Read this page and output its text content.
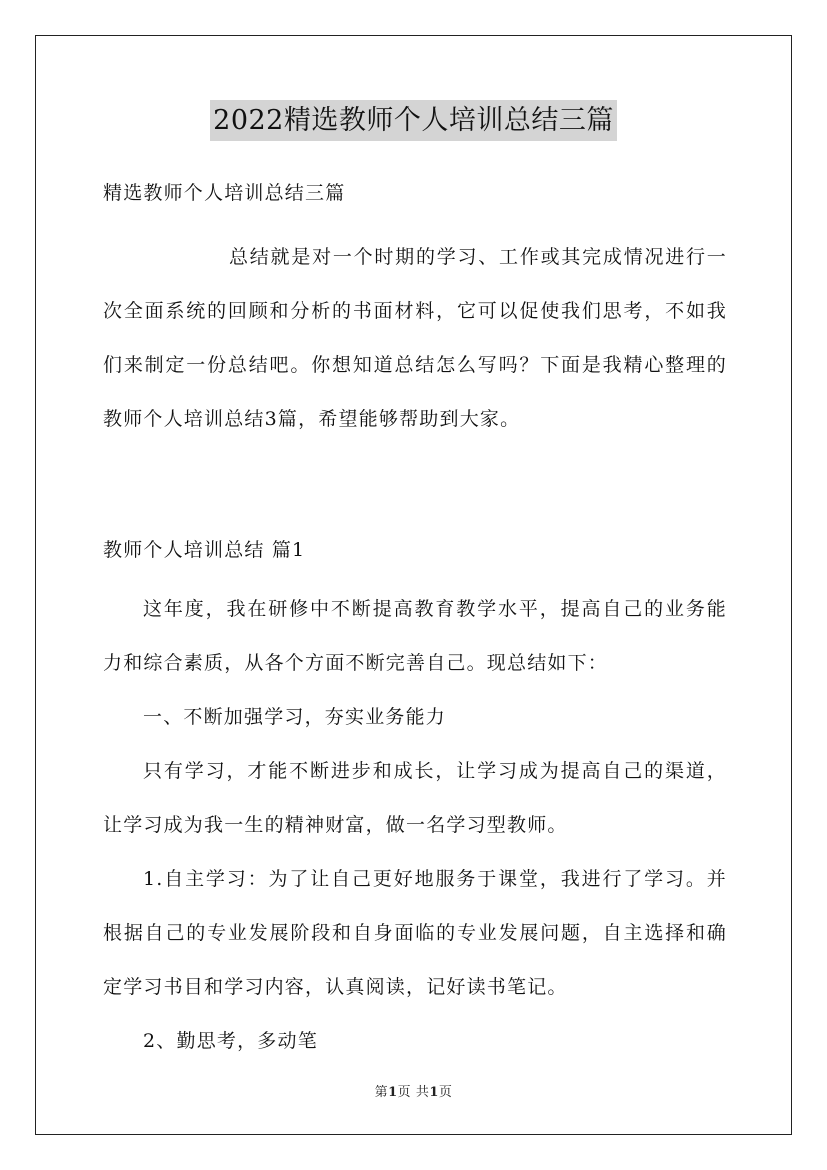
2022精选教师个人培训总结三篇

精选教师个人培训总结三篇

总结就是对一个时期的学习、工作或其完成情况进行一次全面系统的回顾和分析的书面材料，它可以促使我们思考，不如我们来制定一份总结吧。你想知道总结怎么写吗？下面是我精心整理的教师个人培训总结3篇，希望能够帮助到大家。

教师个人培训总结 篇1

这年度，我在研修中不断提高教育教学水平，提高自己的业务能力和综合素质，从各个方面不断完善自己。现总结如下：

一、不断加强学习，夯实业务能力

只有学习，才能不断进步和成长，让学习成为提高自己的渠道，让学习成为我一生的精神财富，做一名学习型教师。

1.自主学习：为了让自己更好地服务于课堂，我进行了学习。并根据自己的专业发展阶段和自身面临的专业发展问题，自主选择和确定学习书目和学习内容，认真阅读，记好读书笔记。

2、勤思考，多动笔

第1页 共1页
